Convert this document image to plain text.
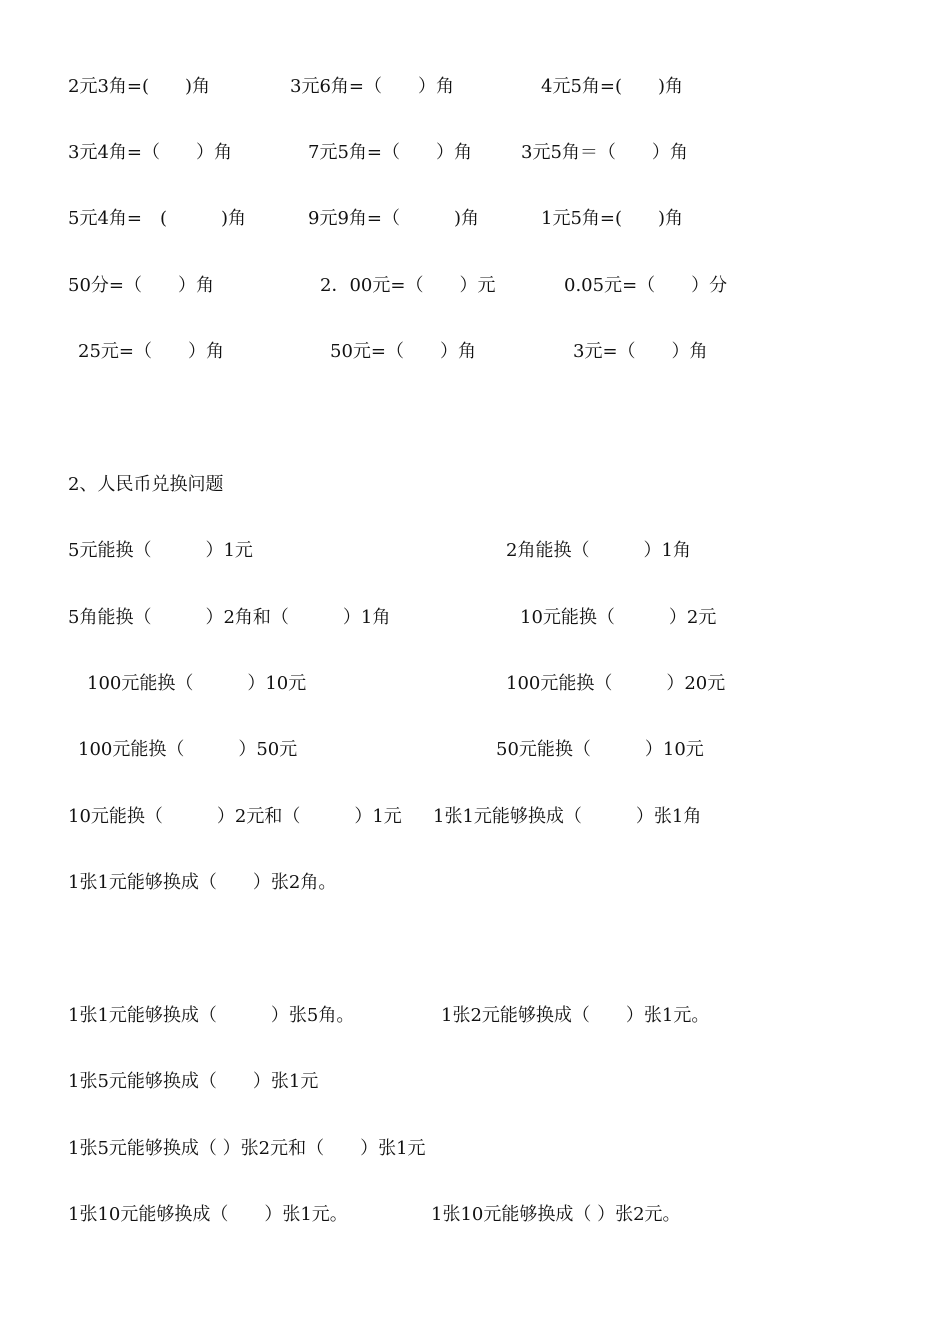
2元3角=(　　)角	3元6角=（　　）角	4元5角=(　　)角
3元4角=（　　）角	7元5角=（　　）角	3元5角＝（　　）角
5元4角=　(　　　)角	9元9角=（　　　)角	1元5角=(　　)角
50分=（　　）角	2．00元=（　　）元	0.05元=（　　）分
25元=（　　）角	50元=（　　）角	3元=（　　）角
2、人民币兑换问题
5元能换（　　　）1元	2角能换（　　　）1角
5角能换（　　　）2角和（　　　）1角	10元能换（　　　）2元
100元能换（　　　）10元	100元能换（　　　）20元
100元能换（　　　）50元	50元能换（　　　）10元
10元能换（　　　）2元和（　　　）1元 1张1元能够换成（　　　）张1角
1张1元能够换成（　　）张2角。
1张1元能够换成（　　　）张5角。	1张2元能够换成（　　）张1元。
1张5元能够换成（　　）张1元
1张5元能够换成（ ）张2元和（　　）张1元
1张10元能够换成（　　）张1元。	1张10元能够换成（ ）张2元。
